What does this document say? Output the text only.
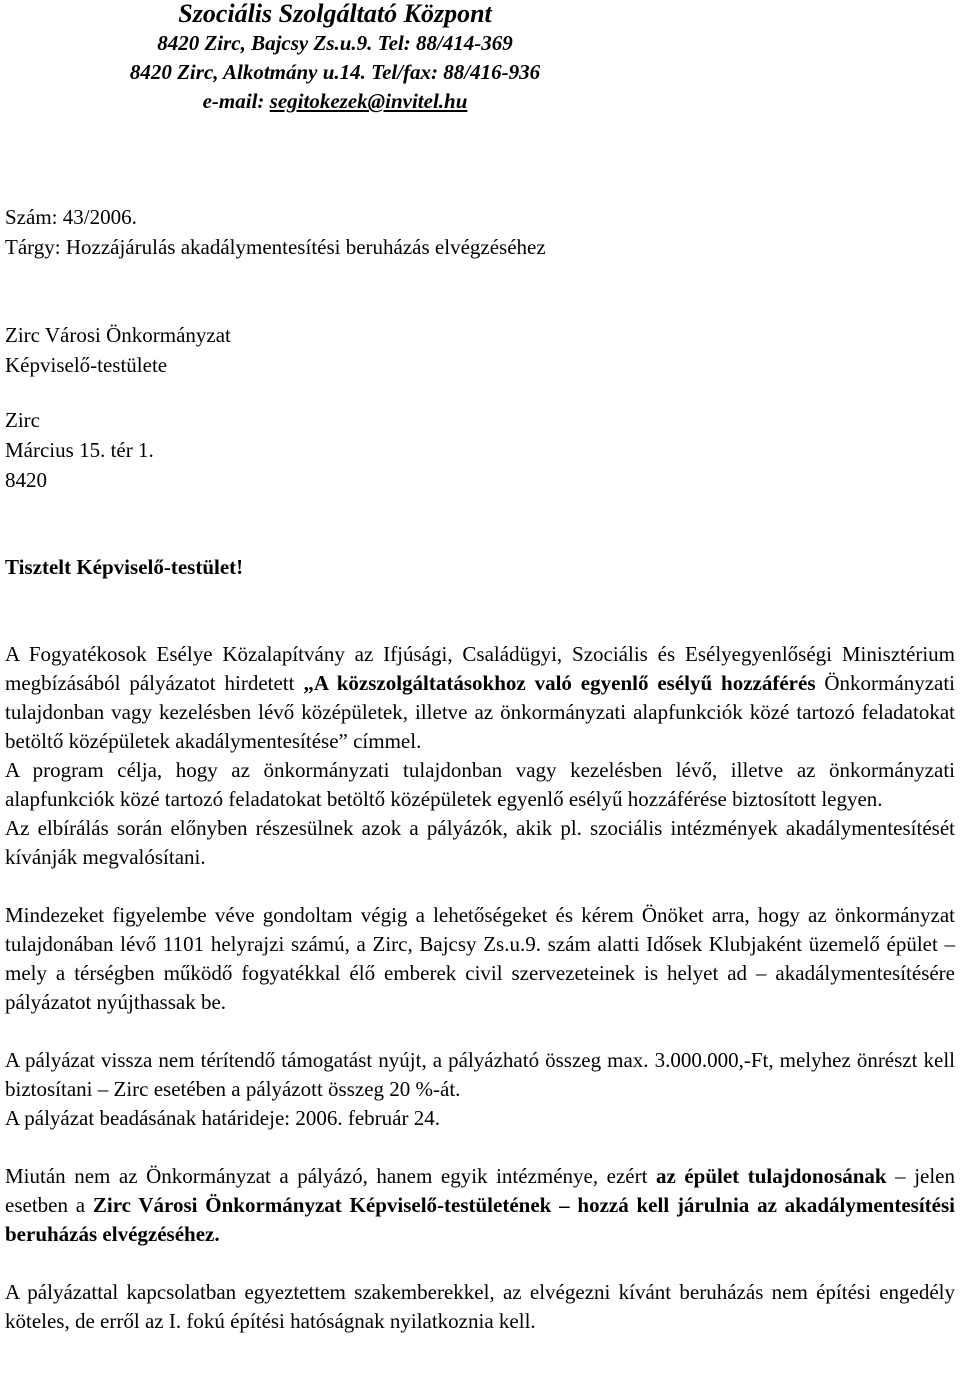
Szociális Szolgáltató Központ
8420 Zirc, Bajcsy Zs.u.9. Tel: 88/414-369
8420 Zirc, Alkotmány u.14. Tel/fax: 88/416-936
e-mail: segitokezek@invitel.hu
Szám: 43/2006.
Tárgy: Hozzájárulás akadálymentesítési beruházás elvégzéséhez
Zirc Városi Önkormányzat
Képviselő-testülete
Zirc
Március 15. tér 1.
8420
Tisztelt Képviselő-testület!

A Fogyatékosok Esélye Közalapítvány az Ifjúsági, Családügyi, Szociális és Esélyegyenlőségi Minisztérium megbízásából pályázatot hirdetett „A közszolgáltatásokhoz való egyenlő esélyű hozzáférés Önkormányzati tulajdonban vagy kezelésben lévő középületek, illetve az önkormányzati alapfunkciók közé tartozó feladatokat betöltő középületek akadálymentesítése” címmel.

A program célja, hogy az önkormányzati tulajdonban vagy kezelésben lévő, illetve az önkormányzati alapfunkciók közé tartozó feladatokat betöltő középületek egyenlő esélyű hozzáférése biztosított legyen.

Az elbírálás során előnyben részesülnek azok a pályázók, akik pl. szociális intézmények akadálymentesítését kívánják megvalósítani.

Mindezeket figyelembe véve gondoltam végig a lehetőségeket és kérem Önöket arra, hogy az önkormányzat tulajdonában lévő 1101 helyrajzi számú, a Zirc, Bajcsy Zs.u.9. szám alatti Idősek Klubjaként üzemelő épület – mely a térségben működő fogyatékkal élő emberek civil szervezeteinek is helyet ad – akadálymentesítésére pályázatot nyújthassak be.

A pályázat vissza nem térítendő támogatást nyújt, a pályázható összeg max. 3.000.000,-Ft, melyhez önrészt kell biztosítani – Zirc esetében a pályázott összeg 20 %-át.

A pályázat beadásának határideje: 2006. február 24.

Miután nem az Önkormányzat a pályázó, hanem egyik intézménye, ezért az épület tulajdonosának – jelen esetben a Zirc Városi Önkormányzat Képviselő-testületének – hozzá kell járulnia az akadálymentesítési beruházás elvégzéséhez.

A pályázattal kapcsolatban egyeztettem szakemberekkel, az elvégezni kívánt beruházás nem építési engedély köteles, de erről az I. fokú építési hatóságnak nyilatkoznia kell.
